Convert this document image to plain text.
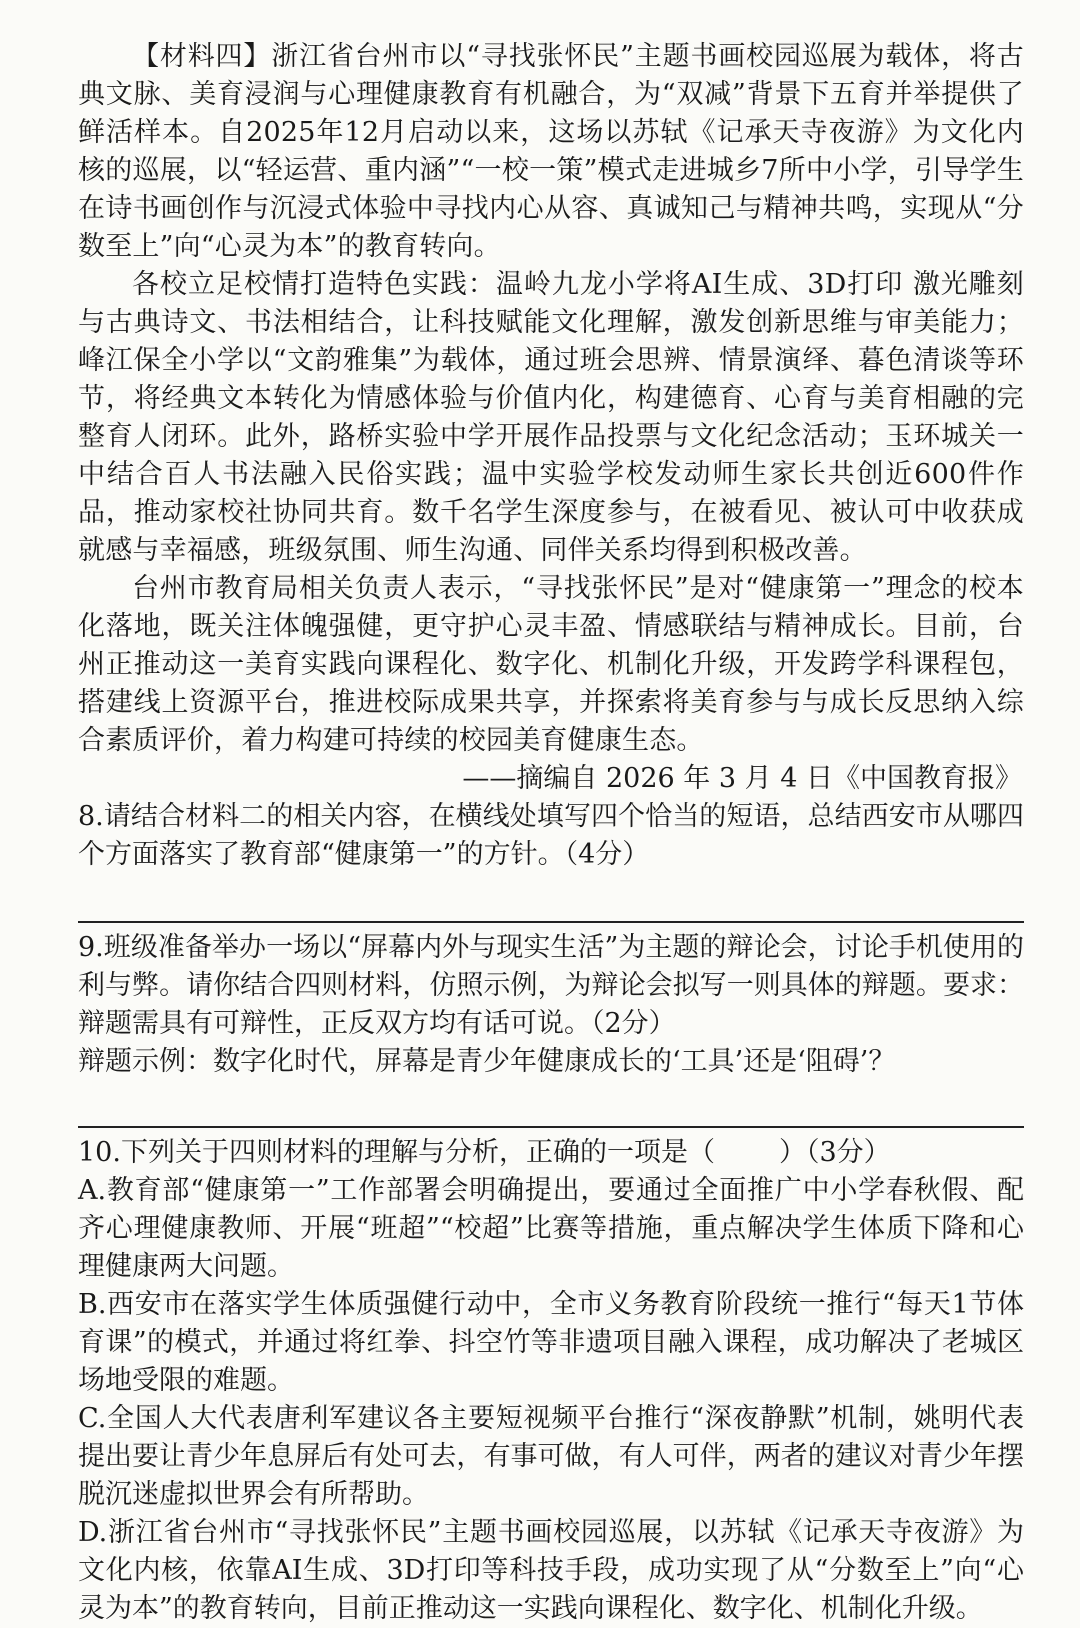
【材料四】浙江省台州市以“寻找张怀民”主题书画校园巡展为载体，将古典文脉、美育浸润与心理健康教育有机融合，为“双减”背景下五育并举提供了鲜活样本。自2025年12月启动以来，这场以苏轼《记承天寺夜游》为文化内核的巡展，以“轻运营、重内涵”“一校一策”模式走进城乡7所中小学，引导学生在诗书画创作与沉浸式体验中寻找内心从容、真诚知己与精神共鸣，实现从“分数至上”向“心灵为本”的教育转向。

各校立足校情打造特色实践：温岭九龙小学将AI生成、3D打印 激光雕刻与古典诗文、书法相结合，让科技赋能文化理解，激发创新思维与审美能力；峰江保全小学以“文韵雅集”为载体，通过班会思辨、情景演绎、暮色清谈等环节，将经典文本转化为情感体验与价值内化，构建德育、心育与美育相融的完整育人闭环。此外，路桥实验中学开展作品投票与文化纪念活动；玉环城关一中结合百人书法融入民俗实践；温中实验学校发动师生家长共创近600件作品，推动家校社协同共育。数千名学生深度参与，在被看见、被认可中收获成就感与幸福感，班级氛围、师生沟通、同伴关系均得到积极改善。

台州市教育局相关负责人表示，“寻找张怀民”是对“健康第一”理念的校本化落地，既关注体魄强健，更守护心灵丰盈、情感联结与精神成长。目前，台州正推动这一美育实践向课程化、数字化、机制化升级，开发跨学科课程包，搭建线上资源平台，推进校际成果共享，并探索将美育参与与成长反思纳入综合素质评价，着力构建可持续的校园美育健康生态。

——摘编自 2026 年 3 月 4 日《中国教育报》

8.请结合材料二的相关内容，在横线处填写四个恰当的短语，总结西安市从哪四个方面落实了教育部“健康第一”的方针。（4分）

9.班级准备举办一场以“屏幕内外与现实生活”为主题的辩论会，讨论手机使用的利与弊。请你结合四则材料，仿照示例，为辩论会拟写一则具体的辩题。要求：辩题需具有可辩性，正反双方均有话可说。（2分）

辩题示例：数字化时代，屏幕是青少年健康成长的‘工具’还是‘阻碍’？

10.下列关于四则材料的理解与分析，正确的一项是（ ）（3分）

A.教育部“健康第一”工作部署会明确提出，要通过全面推广中小学春秋假、配齐心理健康教师、开展“班超”“校超”比赛等措施，重点解决学生体质下降和心理健康两大问题。

B.西安市在落实学生体质强健行动中，全市义务教育阶段统一推行“每天1节体育课”的模式，并通过将红拳、抖空竹等非遗项目融入课程，成功解决了老城区场地受限的难题。

C.全国人大代表唐利军建议各主要短视频平台推行“深夜静默”机制，姚明代表提出要让青少年息屏后有处可去，有事可做，有人可伴，两者的建议对青少年摆脱沉迷虚拟世界会有所帮助。

D.浙江省台州市“寻找张怀民”主题书画校园巡展，以苏轼《记承天寺夜游》为文化内核，依靠AI生成、3D打印等科技手段，成功实现了从“分数至上”向“心灵为本”的教育转向，目前正推动这一实践向课程化、数字化、机制化升级。
